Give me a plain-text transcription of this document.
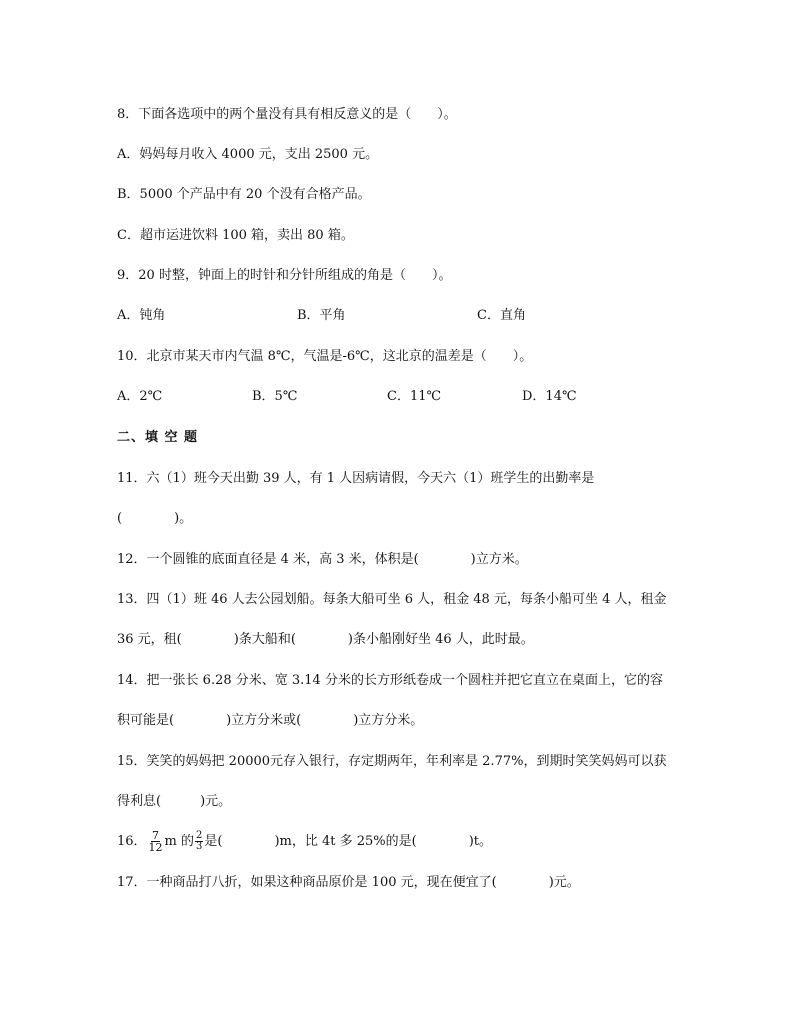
8．下面各选项中的两个量没有具有相反意义的是（　　）。
A．妈妈每月收入 4000 元，支出 2500 元。
B．5000 个产品中有 20 个没有合格产品。
C．超市运进饮料 100 箱，卖出 80 箱。
9．20 时整，钟面上的时针和分针所组成的角是（　　）。
A．钝角	B．平角	C．直角
10．北京市某天市内气温 8℃，气温是-6℃，这北京的温差是（　　）。
A．2℃	B．5℃	C．11℃	D．14℃
二、填 空 题
11．六（1）班今天出勤 39 人，有 1 人因病请假，今天六（1）班学生的出勤率是
(　　　　)。
12．一个圆锥的底面直径是 4 米，高 3 米，体积是(　　　　)立方米。
13．四（1）班 46 人去公园划船。每条大船可坐 6 人，租金 48 元，每条小船可坐 4 人，租金
36 元，租(　　　　)条大船和(　　　　)条小船刚好坐 46 人，此时最。
14．把一张长 6.28 分米、宽 3.14 分米的长方形纸卷成一个圆柱并把它直立在桌面上，它的容
积可能是(　　　　)立方分米或(　　　　)立方分米。
15．笑笑的妈妈把 20000元存入银行，存定期两年，年利率是 2.77%，到期时笑笑妈妈可以获
得利息(　　　)元。
16． $\frac{7}{12}$ m 的 $\frac{2}{3}$ 是(　　　　)m，比 4t 多 25%的是(　　　　)t。
17．一种商品打八折，如果这种商品原价是 100 元，现在便宜了(　　　　)元。
